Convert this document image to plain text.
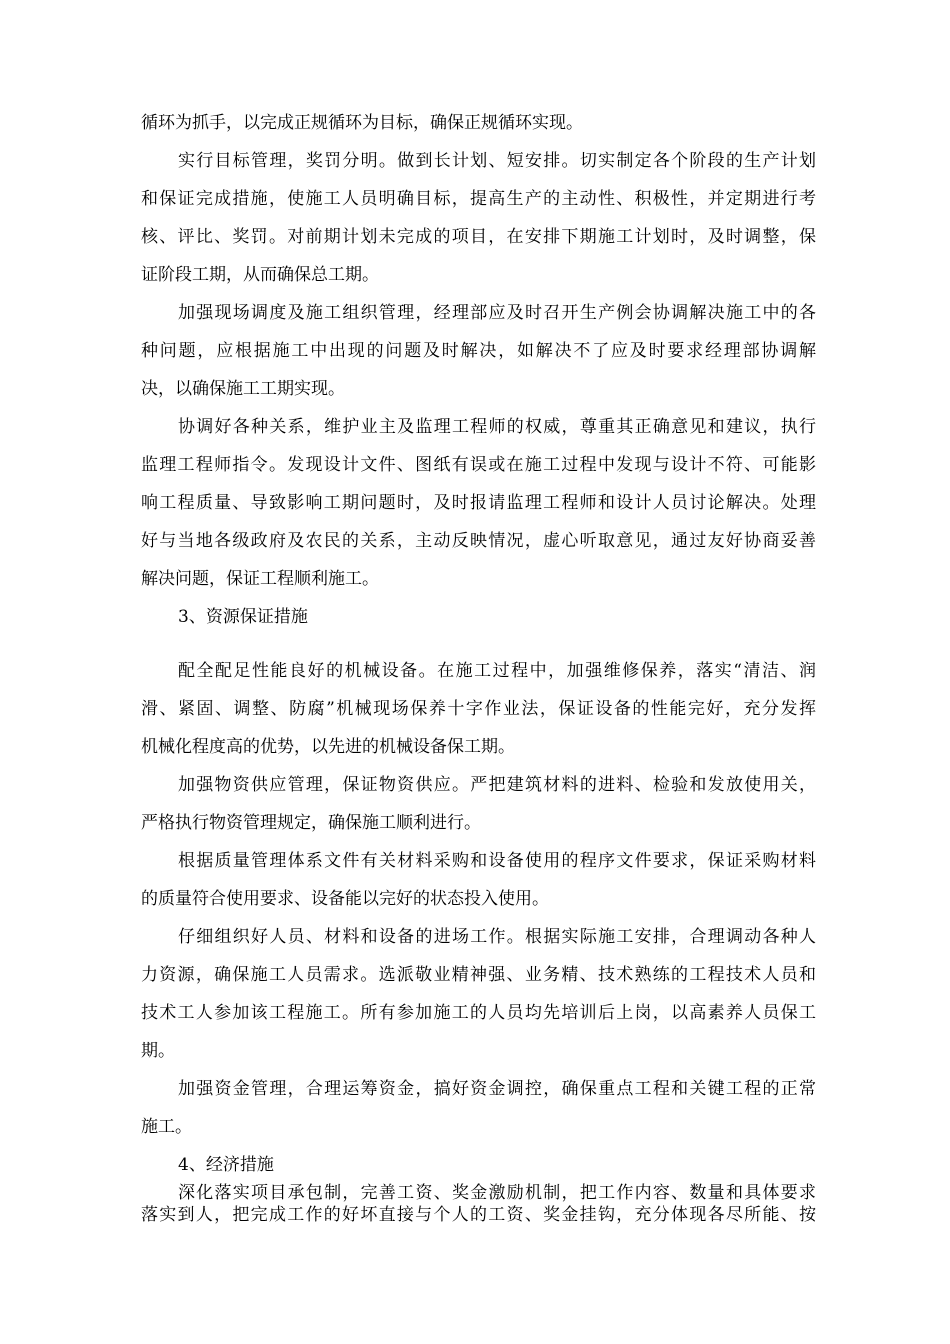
循环为抓手，以完成正规循环为目标，确保正规循环实现。
实行目标管理，奖罚分明。做到长计划、短安排。切实制定各个阶段的生产计划
和保证完成措施，使施工人员明确目标，提高生产的主动性、积极性，并定期进行考
核、评比、奖罚。对前期计划未完成的项目，在安排下期施工计划时，及时调整，保
证阶段工期，从而确保总工期。
加强现场调度及施工组织管理，经理部应及时召开生产例会协调解决施工中的各
种问题，应根据施工中出现的问题及时解决，如解决不了应及时要求经理部协调解
决，以确保施工工期实现。
协调好各种关系，维护业主及监理工程师的权威，尊重其正确意见和建议，执行
监理工程师指令。发现设计文件、图纸有误或在施工过程中发现与设计不符、可能影
响工程质量、导致影响工期问题时，及时报请监理工程师和设计人员讨论解决。处理
好与当地各级政府及农民的关系，主动反映情况，虚心听取意见，通过友好协商妥善
解决问题，保证工程顺利施工。
3、资源保证措施
配全配足性能良好的机械设备。在施工过程中，加强维修保养，落实“清洁、润
滑、紧固、调整、防腐”机械现场保养十字作业法，保证设备的性能完好，充分发挥
机械化程度高的优势，以先进的机械设备保工期。
加强物资供应管理，保证物资供应。严把建筑材料的进料、检验和发放使用关，
严格执行物资管理规定，确保施工顺利进行。
根据质量管理体系文件有关材料采购和设备使用的程序文件要求，保证采购材料
的质量符合使用要求、设备能以完好的状态投入使用。
仔细组织好人员、材料和设备的进场工作。根据实际施工安排，合理调动各种人
力资源，确保施工人员需求。选派敬业精神强、业务精、技术熟练的工程技术人员和
技术工人参加该工程施工。所有参加施工的人员均先培训后上岗，以高素养人员保工
期。
加强资金管理，合理运筹资金，搞好资金调控，确保重点工程和关键工程的正常
施工。
4、经济措施
深化落实项目承包制，完善工资、奖金激励机制，把工作内容、数量和具体要求
落实到人，把完成工作的好坏直接与个人的工资、奖金挂钩，充分体现各尽所能、按
